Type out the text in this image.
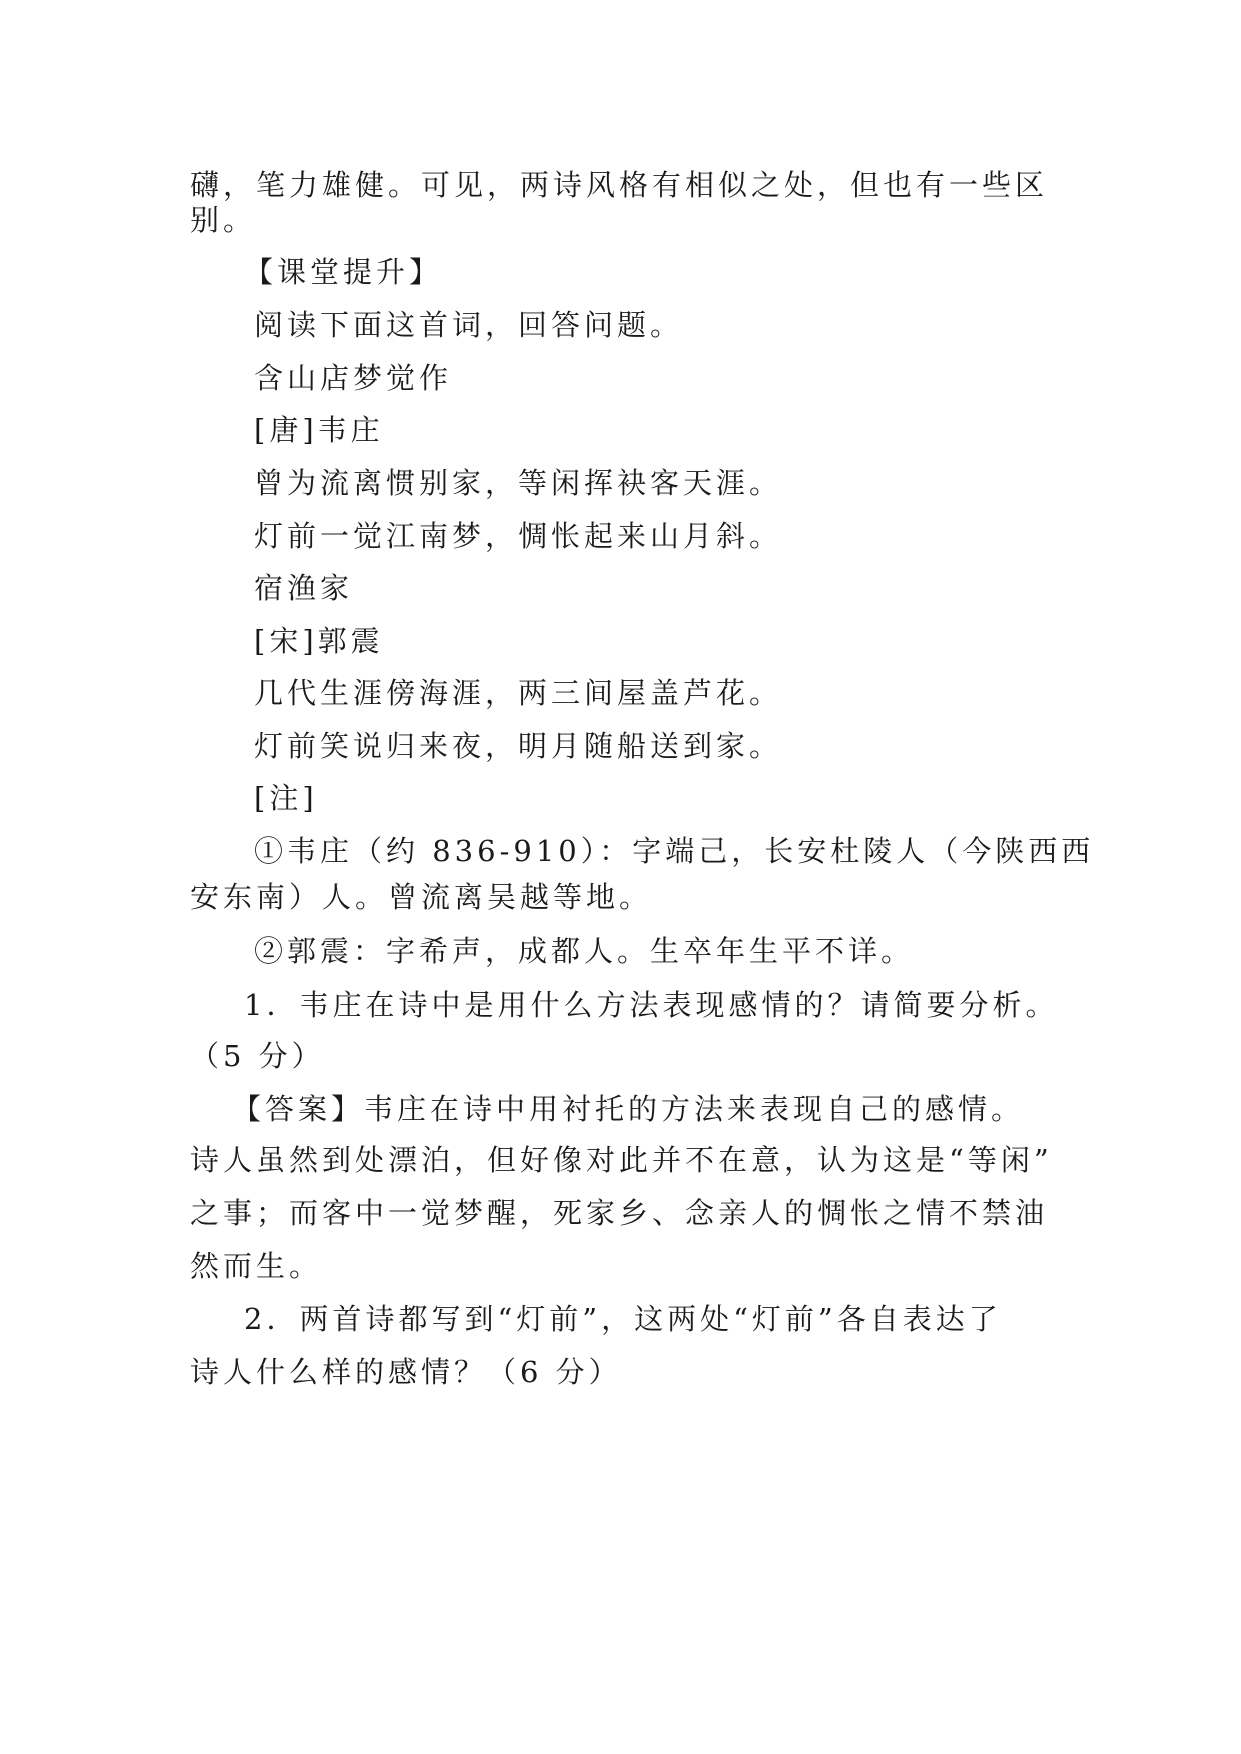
礴，笔力雄健。可见，两诗风格有相似之处，但也有一些区
别。
【课堂提升】
阅读下面这首词，回答问题。
含山店梦觉作
[唐]韦庄
曾为流离惯别家，等闲挥袂客天涯。
灯前一觉江南梦，惆怅起来山月斜。
宿渔家
[宋]郭震
几代生涯傍海涯，两三间屋盖芦花。
灯前笑说归来夜，明月随船送到家。
[注]
①韦庄（约 836-910）：字端己，长安杜陵人（今陕西西
安东南）人。曾流离吴越等地。
②郭震：字希声，成都人。生卒年生平不详。
1．韦庄在诗中是用什么方法表现感情的？请简要分析。
（5 分）
【答案】韦庄在诗中用衬托的方法来表现自己的感情。
诗人虽然到处漂泊，但好像对此并不在意，认为这是“等闲”
之事；而客中一觉梦醒，死家乡、念亲人的惆怅之情不禁油
然而生。
2．两首诗都写到“灯前”，这两处“灯前”各自表达了
诗人什么样的感情？（6 分）
